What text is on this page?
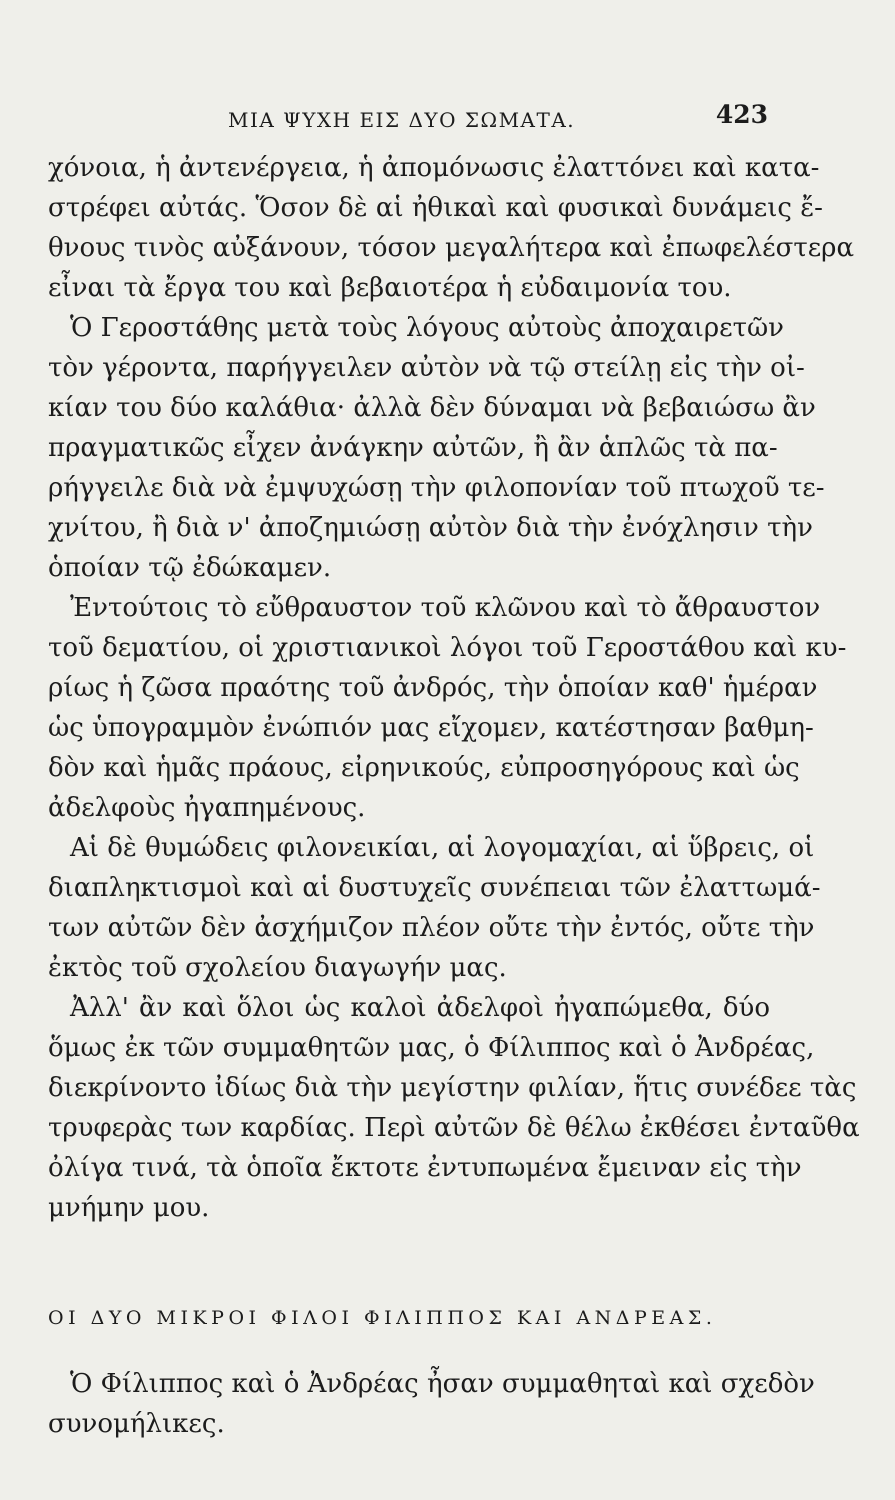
ΜΙΑ ΨΥΧΗ ΕΙΣ ΔΥΟ ΣΩΜΑΤΑ.	423
χόνοια, ἡ ἀντενέργεια, ἡ ἀπομόνωσις ἐλαττόνει καὶ κατα-
στρέφει αὐτάς. Ὅσον δὲ αἱ ἠθικαὶ καὶ φυσικαὶ δυνάμεις ἔ-
θνους τινὸς αὐξάνουν, τόσον μεγαλήτερα καὶ ἐπωφελέστερα
εἶναι τὰ ἔργα του καὶ βεβαιοτέρα ἡ εὐδαιμονία του.
Ὁ Γεροστάθης μετὰ τοὺς λόγους αὐτοὺς ἀποχαιρετῶν
τὸν γέροντα, παρήγγειλεν αὐτὸν νὰ τῷ στείλῃ εἰς τὴν οἰ-
κίαν του δύο καλάθια· ἀλλὰ δὲν δύναμαι νὰ βεβαιώσω ἂν
πραγματικῶς εἶχεν ἀνάγκην αὐτῶν, ἢ ἂν ἁπλῶς τὰ πα-
ρήγγειλε διὰ νὰ ἐμψυχώσῃ τὴν φιλοπονίαν τοῦ πτωχοῦ τε-
χνίτου, ἢ διὰ ν' ἀποζημιώσῃ αὐτὸν διὰ τὴν ἐνόχλησιν τὴν
ὁποίαν τῷ ἐδώκαμεν.
Ἐντούτοις τὸ εὔθραυστον τοῦ κλῶνου καὶ τὸ ἄθραυστον
τοῦ δεματίου, οἱ χριστιανικοὶ λόγοι τοῦ Γεροστάθου καὶ κυ-
ρίως ἡ ζῶσα πραότης τοῦ ἀνδρός, τὴν ὁποίαν καθ' ἡμέραν
ὡς ὑπογραμμὸν ἐνώπιόν μας εἴχομεν, κατέστησαν βαθμη-
δὸν καὶ ἡμᾶς πράους, εἰρηνικούς, εὐπροσηγόρους καὶ ὡς
ἀδελφοὺς ἠγαπημένους.
Αἱ δὲ θυμώδεις φιλονεικίαι, αἱ λογομαχίαι, αἱ ὕβρεις, οἱ
διαπληκτισμοὶ καὶ αἱ δυστυχεῖς συνέπειαι τῶν ἐλαττωμά-
των αὐτῶν δὲν ἀσχήμιζον πλέον οὔτε τὴν ἐντός, οὔτε τὴν
ἐκτὸς τοῦ σχολείου διαγωγήν μας.
Ἀλλ' ἂν καὶ ὅλοι ὡς καλοὶ ἀδελφοὶ ἠγαπώμεθα, δύο
ὅμως ἐκ τῶν συμμαθητῶν μας, ὁ Φίλιππος καὶ ὁ Ἀνδρέας,
διεκρίνοντο ἰδίως διὰ τὴν μεγίστην φιλίαν, ἥτις συνέδεε τὰς
τρυφερὰς των καρδίας. Περὶ αὐτῶν δὲ θέλω ἐκθέσει ἐνταῦθα
ὀλίγα τινά, τὰ ὁποῖα ἔκτοτε ἐντυπωμένα ἔμειναν εἰς τὴν
μνήμην μου.
ΟΙ ΔΥΟ ΜΙΚΡΟΙ ΦΙΛΟΙ ΦΙΛΙΠΠΟΣ ΚΑΙ ΑΝΔΡΕΑΣ.
Ὁ Φίλιππος καὶ ὁ Ἀνδρέας ἦσαν συμμαθηταὶ καὶ σχεδὸν
συνομήλικες.
